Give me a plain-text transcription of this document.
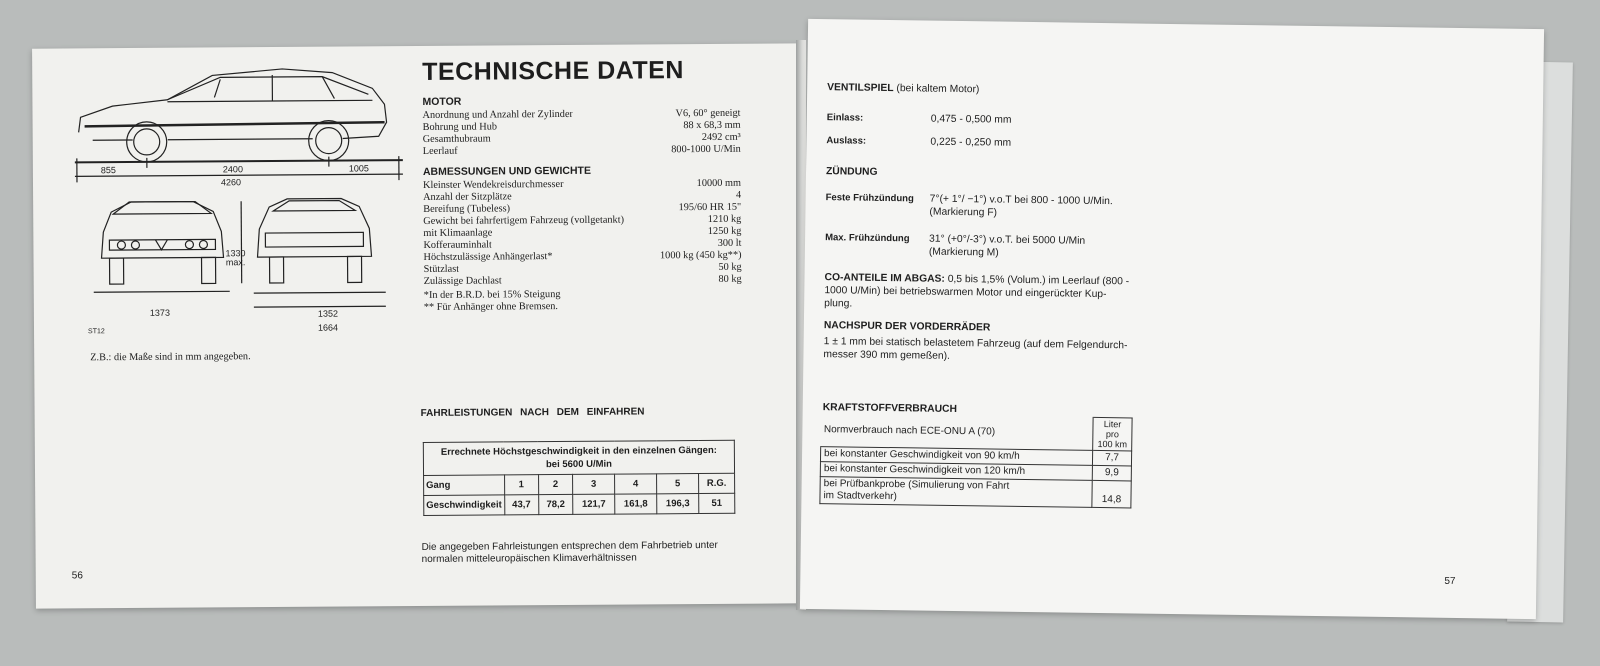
855	2400	1005
4260
1330
max.
1373	1352
1664
ST12
Z.B.: die Maße sind in mm angegeben.
TECHNISCHE DATEN
MOTOR
Anordnung und Anzahl der Zylinder	V6, 60° geneigt
Bohrung und Hub	88 x 68,3 mm
Gesamthubraum	2492 cm³
Leerlauf	800-1000 U/Min
ABMESSUNGEN UND GEWICHTE
Kleinster Wendekreisdurchmesser	10000 mm
Anzahl der Sitzplätze	4
Bereifung (Tubeless)	195/60 HR 15"
Gewicht bei fahrfertigem Fahrzeug (vollgetankt)	1210 kg
mit Klimaanlage	1250 kg
Kofferauminhalt	300 lt
Höchstzulässige Anhängerlast*	1000 kg (450 kg**)
Stützlast	50 kg
Zulässige Dachlast	80 kg
*In der B.R.D. bei 15% Steigung
** Für Anhänger ohne Bremsen.
FAHRLEISTUNGEN NACH DEM EINFAHREN
Errechnete Höchstgeschwindigkeit in den einzelnen Gängen:
bei 5600 U/Min						

Gang	1	2	3	4	5	R.G.
Geschwindigkeit	43,7	78,2	121,7	161,8	196,3	51
Die angegeben Fahrleistungen entsprechen dem Fahrbetrieb unter
normalen mitteleuropäischen Klimaverhältnissen
56
VENTILSPIEL (bei kaltem Motor)
Einlass:	0,475 - 0,500 mm
Auslass:	0,225 - 0,250 mm
ZÜNDUNG
Feste Frühzündung 7°(+ 1°/ −1°) v.o.T bei 800 - 1000 U/Min.
(Markierung F)
Max. Frühzündung 31° (+0°/-3°) v.o.T. bei 5000 U/Min
(Markierung M)
CO-ANTEILE IM ABGAS: 0,5 bis 1,5% (Volum.) im Leerlauf (800 -
1000 U/Min) bei betriebswarmen Motor und eingerückter Kup-
plung.
NACHSPUR DER VORDERRÄDER
1 ± 1 mm bei statisch belastetem Fahrzeug (auf dem Felgendurch-
messer 390 mm gemeßen).
KRAFTSTOFFVERBRAUCH
Normverbrauch nach ECE-ONU A (70)	Liter pro
100 km

bei konstanter Geschwindigkeit von 90 km/h	7,7
bei konstanter Geschwindigkeit von 120 km/h	9,9

bei Prüfbankprobe (Simulierung von Fahrt
im Stadtverkehr)	14,8
57
